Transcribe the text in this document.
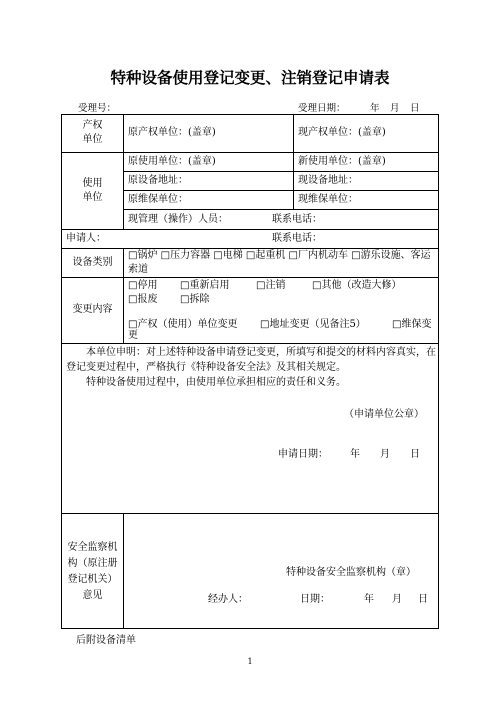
特种设备使用登记变更、注销登记申请表
受理号：	受理日期：	年 月 日
产权
单位
原产权单位：(盖章)	现产权单位：(盖章)
使用
单位
原使用单位：(盖章)	新使用单位：(盖章)
原设备地址：	现设备地址：
原维保单位：	现维保单位：
现管理（操作）人员：	联系电话：
申请人：	联系电话：
设备类别
□锅炉 □压力容器 □电梯 □起重机 □厂内机动车 □游乐设施、客运索道
变更内容
□停用 □重新启用	□注销	□其他（改造大修）
□报废 □拆除
□产权（使用）单位变更 □地址变更（见备注5）	□维保变
更

本单位申明：对上述特种设备申请登记变更，所填写和提交的材料内容真实，在登记变更过程中，严格执行《特种设备安全法》及其相关规定。

特种设备使用过程中，由使用单位承担相应的责任和义务。

（申请单位公章）
申请日期： 年 月 日
安全监察机
构（原注册
登记机关）
意见
特种设备安全监察机构（章）
经办人：	日期：	年 月 日
后附设备清单
1
